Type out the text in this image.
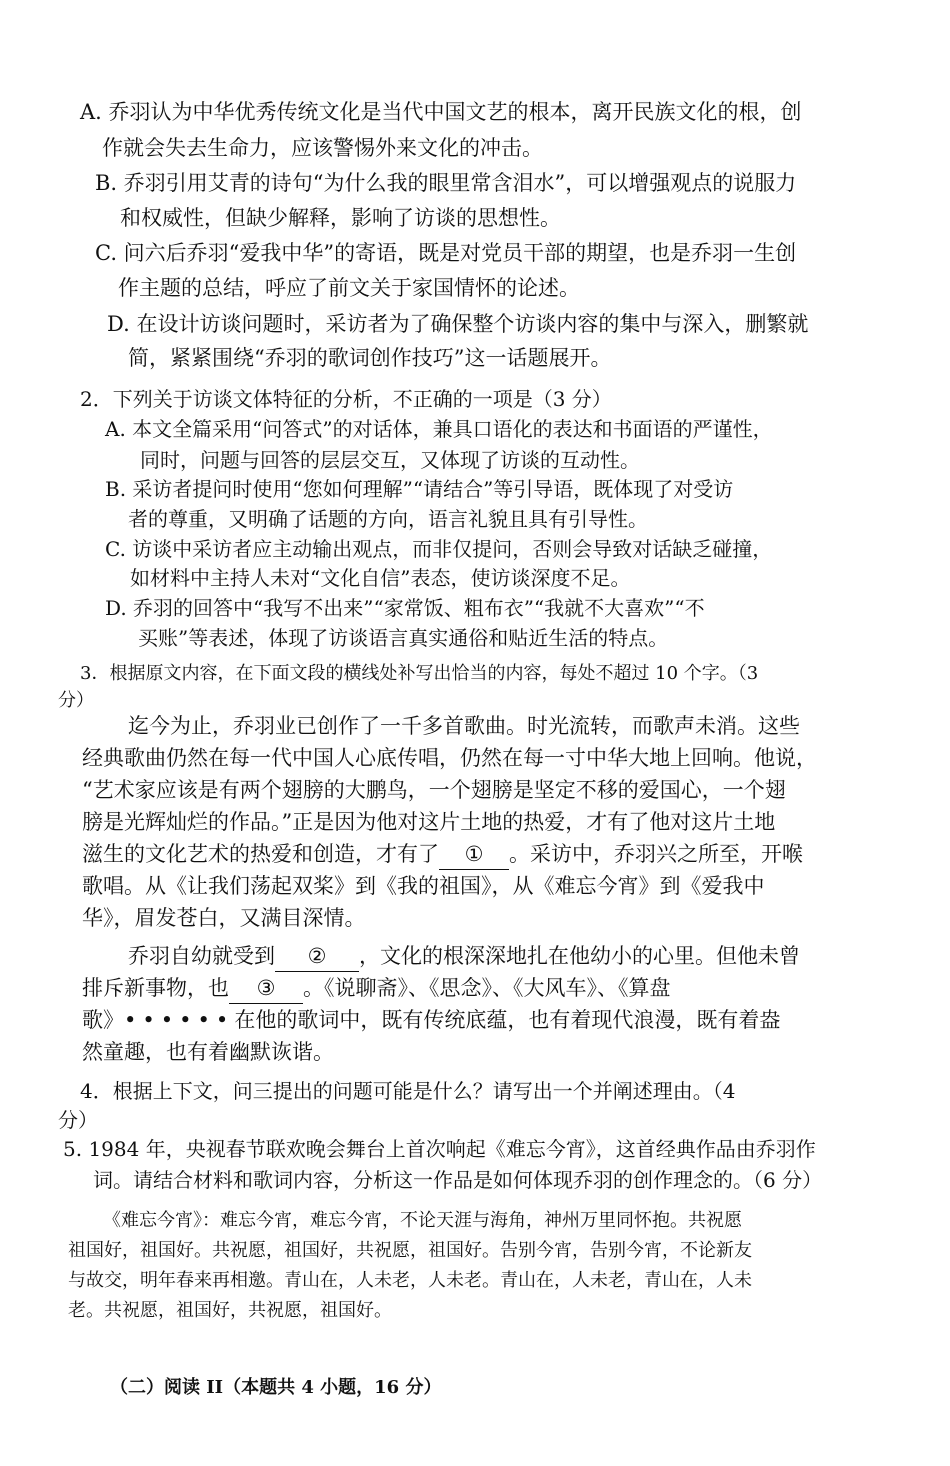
A. 乔羽认为中华优秀传统文化是当代中国文艺的根本，离开民族文化的根，创
作就会失去生命力，应该警惕外来文化的冲击。
B. 乔羽引用艾青的诗句“为什么我的眼里常含泪水”，可以增强观点的说服力
和权威性，但缺少解释，影响了访谈的思想性。
C. 问六后乔羽“爱我中华”的寄语，既是对党员干部的期望，也是乔羽一生创
作主题的总结，呼应了前文关于家国情怀的论述。
D. 在设计访谈问题时，采访者为了确保整个访谈内容的集中与深入，删繁就
简，紧紧围绕“乔羽的歌词创作技巧”这一话题展开。
2．下列关于访谈文体特征的分析，不正确的一项是（3 分）
A. 本文全篇采用“问答式”的对话体，兼具口语化的表达和书面语的严谨性，
同时，问题与回答的层层交互，又体现了访谈的互动性。
B. 采访者提问时使用“您如何理解”“请结合”等引导语，既体现了对受访
者的尊重，又明确了话题的方向，语言礼貌且具有引导性。
C. 访谈中采访者应主动输出观点，而非仅提问，否则会导致对话缺乏碰撞，
如材料中主持人未对“文化自信”表态，使访谈深度不足。
D. 乔羽的回答中“我写不出来”“家常饭、粗布衣”“我就不大喜欢”“不
买账”等表述，体现了访谈语言真实通俗和贴近生活的特点。
3．根据原文内容，在下面文段的横线处补写出恰当的内容，每处不超过 10 个字。（3
分）
迄今为止，乔羽业已创作了一千多首歌曲。时光流转，而歌声未消。这些
经典歌曲仍然在每一代中国人心底传唱，仍然在每一寸中华大地上回响。他说，
“艺术家应该是有两个翅膀的大鹏鸟，一个翅膀是坚定不移的爱国心，一个翅
膀是光辉灿烂的作品。”正是因为他对这片土地的热爱，才有了他对这片土地
滋生的文化艺术的热爱和创造，才有了 ① 。采访中，乔羽兴之所至，开喉
歌唱。从《让我们荡起双桨》到《我的祖国》，从《难忘今宵》到《爱我中
华》，眉发苍白，又满目深情。
乔羽自幼就受到 ② ，文化的根深深地扎在他幼小的心里。但他未曾
排斥新事物，也 ③ 。《说聊斋》、《思念》、《大风车》、《算盘
歌》••••••在他的歌词中，既有传统底蕴，也有着现代浪漫，既有着盎
然童趣，也有着幽默诙谐。
4．根据上下文，问三提出的问题可能是什么？请写出一个并阐述理由。（4
分）
5. 1984 年，央视春节联欢晚会舞台上首次响起《难忘今宵》，这首经典作品由乔羽作
词。请结合材料和歌词内容，分析这一作品是如何体现乔羽的创作理念的。（6 分）
《难忘今宵》：难忘今宵，难忘今宵，不论天涯与海角，神州万里同怀抱。共祝愿
祖国好，祖国好。共祝愿，祖国好，共祝愿，祖国好。告别今宵，告别今宵，不论新友
与故交，明年春来再相邀。青山在，人未老，人未老。青山在，人未老，青山在，人未
老。共祝愿，祖国好，共祝愿，祖国好。
（二）阅读 II（本题共 4 小题，16 分）
